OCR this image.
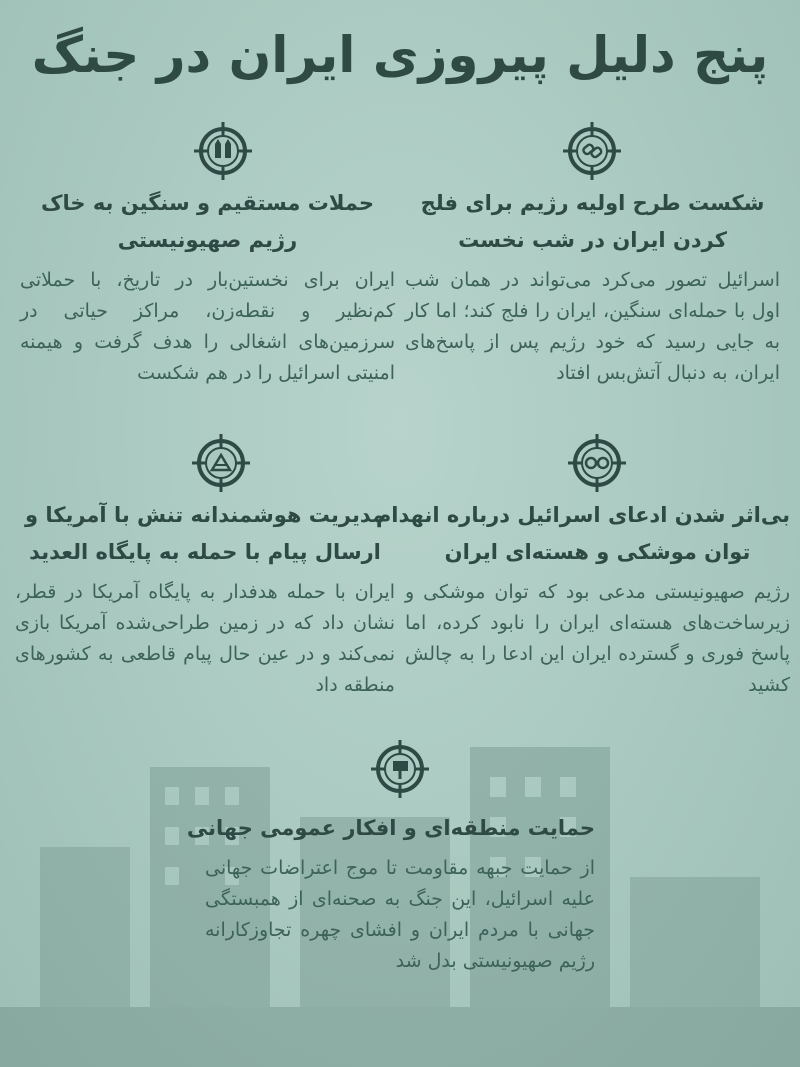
پنج دلیل پیروزی ایران در جنگ
شکست طرح اولیه رژیم برای فلج
کردن ایران در شب نخست
اسرائیل تصور می‌کرد می‌تواند در همان شب اول با حمله‌ای سنگین، ایران را فلج کند؛ اما کار به جایی رسید که خود رژیم پس از پاسخ‌های ایران، به دنبال آتش‌بس افتاد
حملات مستقیم و سنگین به خاک
رژیم صهیونیستی
ایران برای نخستین‌بار در تاریخ، با حملاتی کم‌نظیر و نقطه‌زن، مراکز حیاتی در سرزمین‌های اشغالی را هدف گرفت و هیمنه امنیتی اسرائیل را در هم شکست
بی‌اثر شدن ادعای اسرائیل درباره انهدام
توان موشکی و هسته‌ای ایران
رژیم صهیونیستی مدعی بود که توان موشکی و زیرساخت‌های هسته‌ای ایران را نابود کرده، اما پاسخ فوری و گسترده ایران این ادعا را به چالش کشید
مدیریت هوشمندانه تنش با آمریکا و
ارسال پیام با حمله به پایگاه العدید
ایران با حمله هدفدار به پایگاه آمریکا در قطر، نشان داد که در زمین طراحی‌شده آمریکا بازی نمی‌کند و در عین حال پیام قاطعی به کشورهای منطقه داد
حمایت منطقه‌ای و افکار عمومی جهانی
از حمایت جبهه مقاومت تا موج اعتراضات جهانی علیه اسرائیل، این جنگ به صحنه‌ای از همبستگی جهانی با مردم ایران و افشای چهره تجاوزکارانه رژیم صهیونیستی بدل شد
